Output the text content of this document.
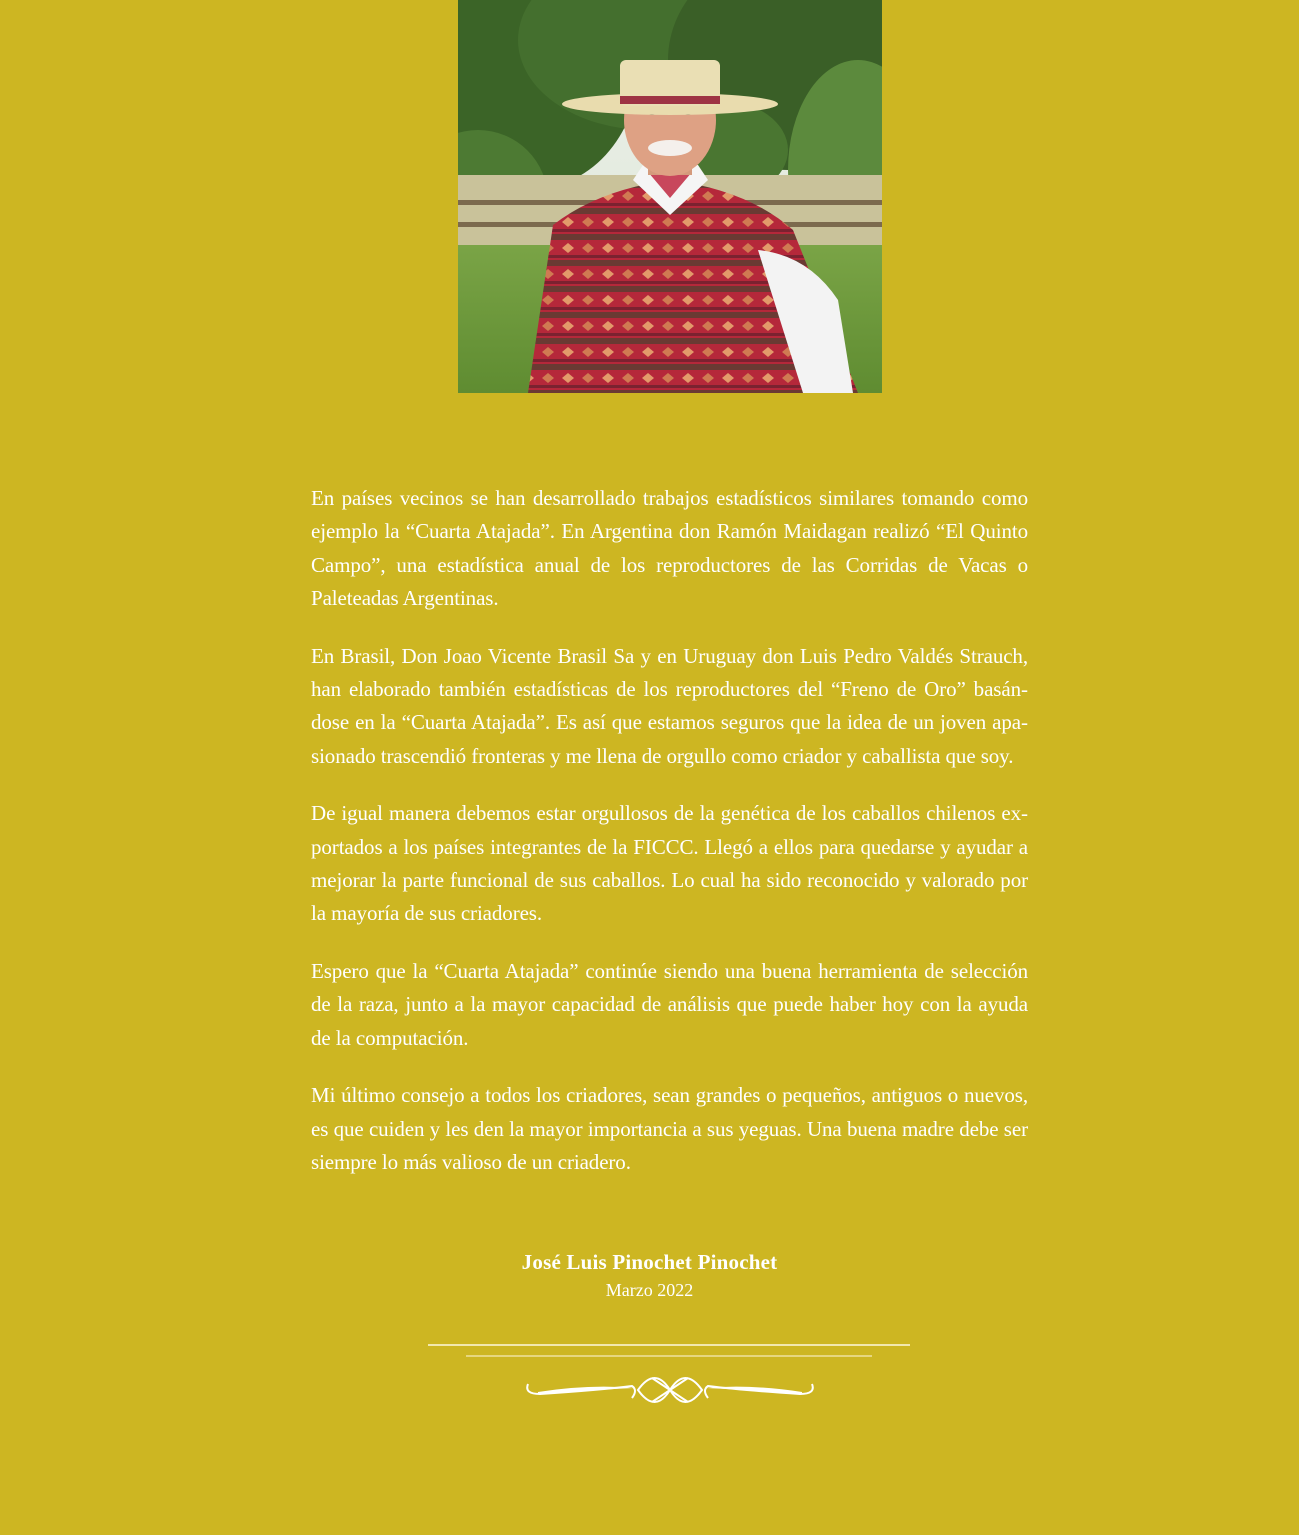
En países vecinos se han desarrollado trabajos estadísticos similares tomando como ejemplo la “Cuarta Atajada”. En Argentina don Ramón Maidagan realizó “El Quinto Campo”, una estadística anual de los reproductores de las Corridas de Vacas o Paleteadas Argentinas.

En Brasil, Don Joao Vicente Brasil Sa y en Uruguay don Luis Pedro Valdés Strauch, han elaborado también estadísticas de los reproductores del “Freno de Oro” basándose en la “Cuarta Atajada”. Es así que estamos seguros que la idea de un joven apasionado trascendió fronteras y me llena de orgullo como criador y caballista que soy.

De igual manera debemos estar orgullosos de la genética de los caballos chilenos exportados a los países integrantes de la FICCC. Llegó a ellos para quedarse y ayudar a mejorar la parte funcional de sus caballos. Lo cual ha sido reconocido y valorado por la mayoría de sus criadores.

Espero que la “Cuarta Atajada” continúe siendo una buena herramienta de selección de la raza, junto a la mayor capacidad de análisis que puede haber hoy con la ayuda de la computación.

Mi último consejo a todos los criadores, sean grandes o pequeños, antiguos o nuevos, es que cuiden y les den la mayor importancia a sus yeguas. Una buena madre debe ser siempre lo más valioso de un criadero.

José Luis Pinochet Pinochet
Marzo 2022
